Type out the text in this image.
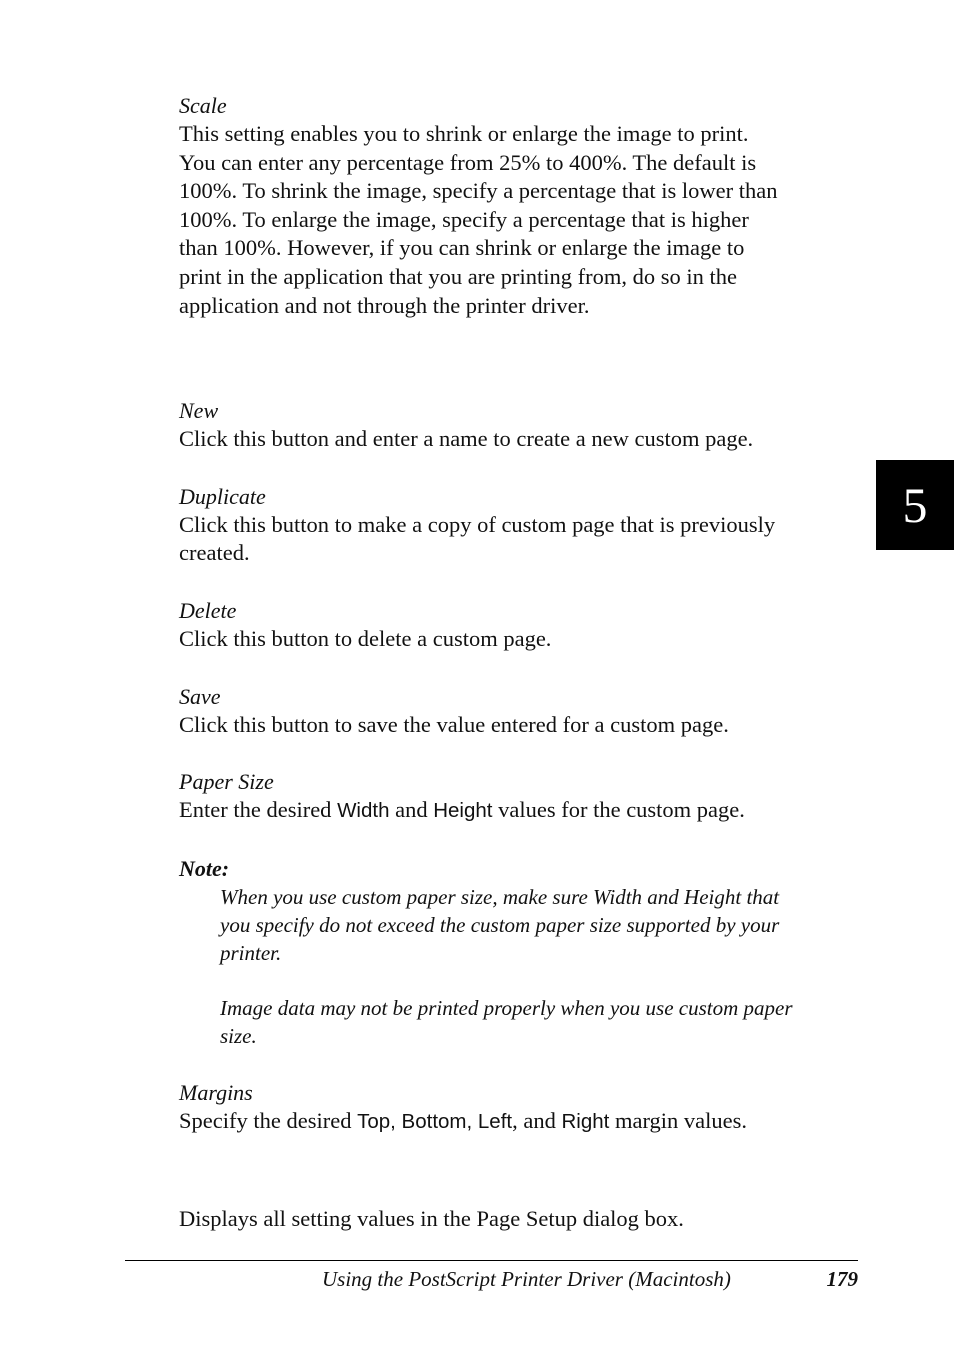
5

Scale

This setting enables you to shrink or enlarge the image to print.
You can enter any percentage from 25% to 400%. The default is
100%. To shrink the image, specify a percentage that is lower than
100%. To enlarge the image, specify a percentage that is higher
than 100%. However, if you can shrink or enlarge the image to
print in the application that you are printing from, do so in the
application and not through the printer driver.

New

Click this button and enter a name to create a new custom page.

Duplicate

Click this button to make a copy of custom page that is previously
created.

Delete

Click this button to delete a custom page.

Save

Click this button to save the value entered for a custom page.

Paper Size

Enter the desired Width and Height values for the custom page.

Note:

When you use custom paper size, make sure Width and Height that
you specify do not exceed the custom paper size supported by your
printer.

Image data may not be printed properly when you use custom paper
size.

Margins

Specify the desired Top, Bottom, Left, and Right margin values.

Displays all setting values in the Page Setup dialog box.

Using the PostScript Printer Driver (Macintosh)	179
